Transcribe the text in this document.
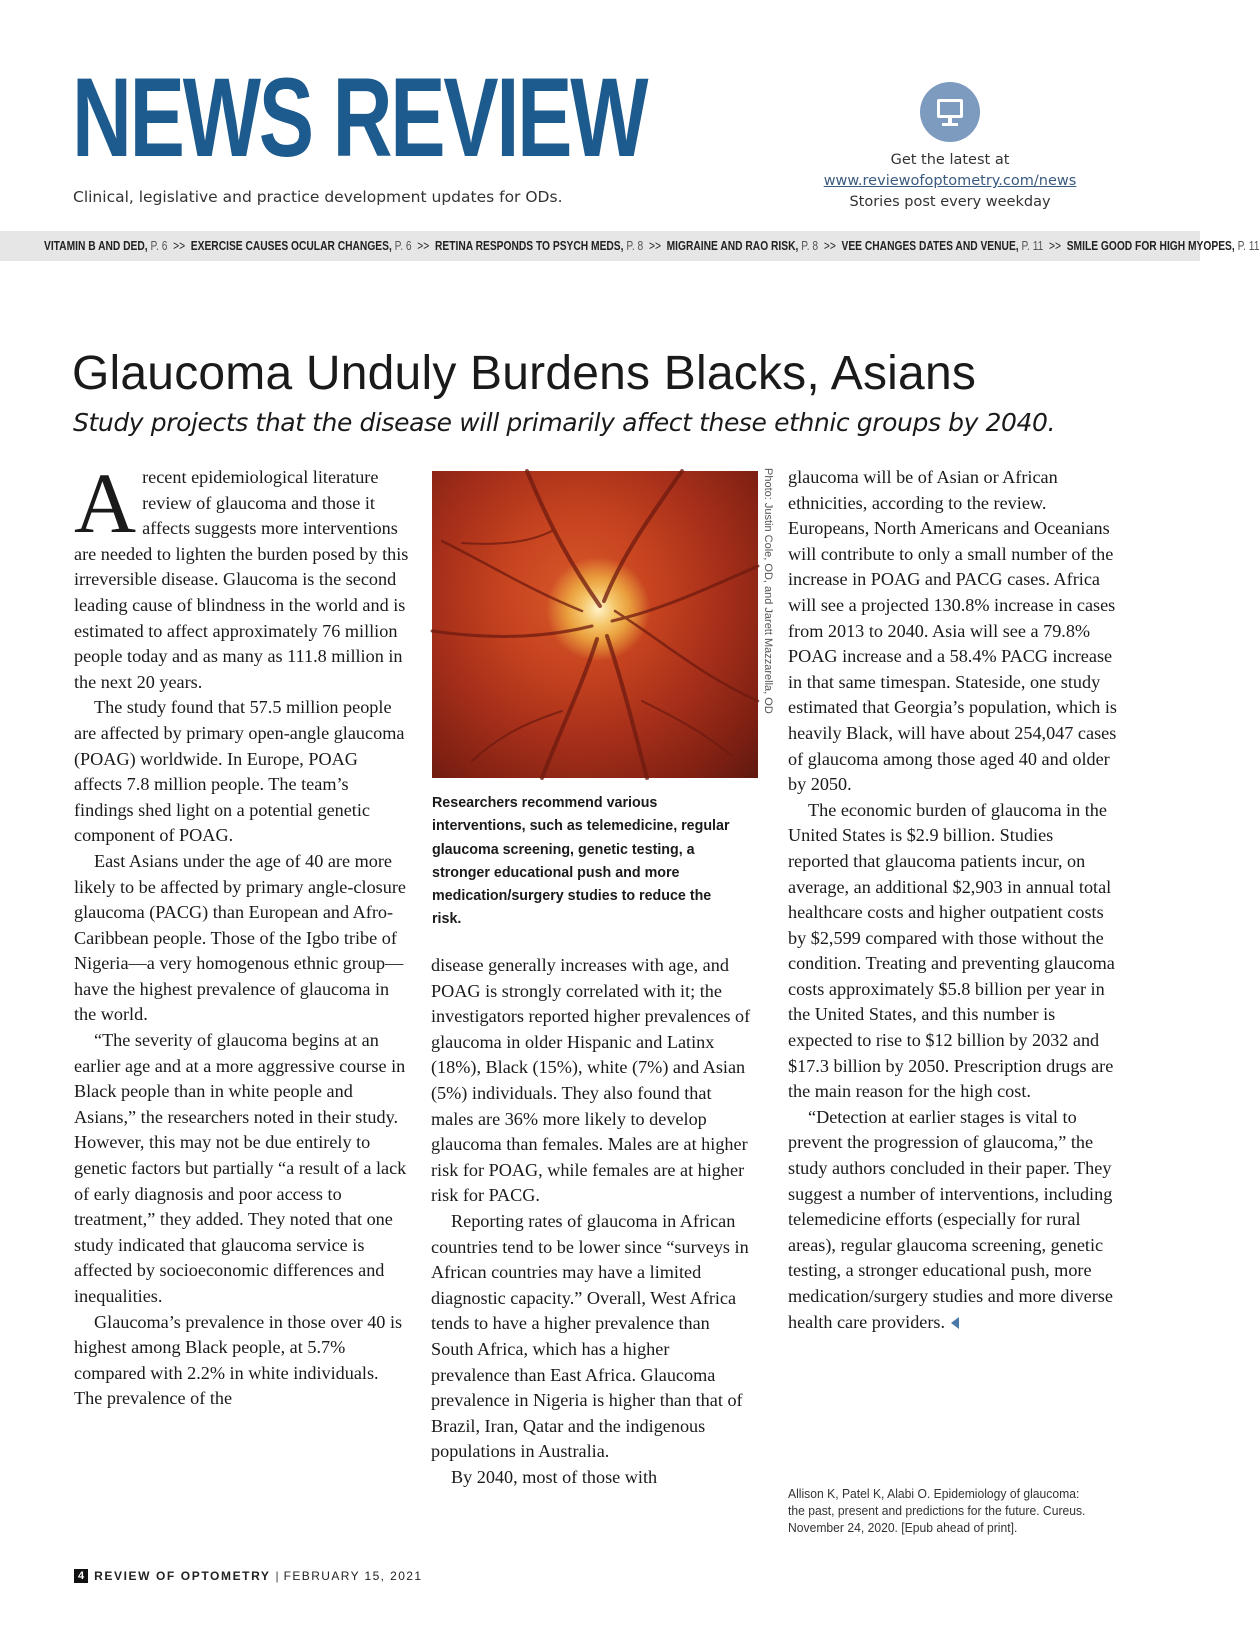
NEWS REVIEW
Clinical, legislative and practice development updates for ODs.
Get the latest at
www.reviewofoptometry.com/news
Stories post every weekday
VITAMIN B AND DED, P. 6  >>  EXERCISE CAUSES OCULAR CHANGES, P. 6  >>  RETINA RESPONDS TO PSYCH MEDS, P. 8  >>  MIGRAINE AND RAO RISK, P. 8  >>  VEE CHANGES DATES AND VENUE, P. 11  >>  SMILE GOOD FOR HIGH MYOPES, P. 11
Glaucoma Unduly Burdens Blacks, Asians
Study projects that the disease will primarily affect these ethnic groups by 2040.

Arecent epidemiological literature review of glaucoma and those it affects suggests more interventions are needed to lighten the burden posed by this irreversible disease. Glaucoma is the second leading cause of blindness in the world and is estimated to affect approximately 76 million people today and as many as 111.8 million in the next 20 years.

The study found that 57.5 million people are affected by primary open-angle glaucoma (POAG) worldwide. In Europe, POAG affects 7.8 million people. The team’s findings shed light on a potential genetic component of POAG.

East Asians under the age of 40 are more likely to be affected by primary angle-closure glaucoma (PACG) than European and Afro-Caribbean people. Those of the Igbo tribe of Nigeria—a very homogenous ethnic group—have the highest prevalence of glaucoma in the world.

“The severity of glaucoma begins at an earlier age and at a more aggressive course in Black people than in white people and Asians,” the researchers noted in their study. However, this may not be due entirely to genetic factors but partially “a result of a lack of early diagnosis and poor access to treatment,” they added. They noted that one study indicated that glaucoma service is affected by socioeconomic differences and inequalities.

Glaucoma’s prevalence in those over 40 is highest among Black people, at 5.7% compared with 2.2% in white individuals. The prevalence of the

Photo: Justin Cole, OD, and Jarett Mazzarella, OD
Researchers recommend various interventions, such as telemedicine, regular glaucoma screening, genetic testing, a stronger educational push and more medication/surgery studies to reduce the risk.

disease generally increases with age, and POAG is strongly correlated with it; the investigators reported higher prevalences of glaucoma in older Hispanic and Latinx (18%), Black (15%), white (7%) and Asian (5%) individuals. They also found that males are 36% more likely to develop glaucoma than females. Males are at higher risk for POAG, while females are at higher risk for PACG.

Reporting rates of glaucoma in African countries tend to be lower since “surveys in African countries may have a limited diagnostic capacity.” Overall, West Africa tends to have a higher prevalence than South Africa, which has a higher prevalence than East Africa. Glaucoma prevalence in Nigeria is higher than that of Brazil, Iran, Qatar and the indigenous populations in Australia.

By 2040, most of those with

glaucoma will be of Asian or African ethnicities, according to the review. Europeans, North Americans and Oceanians will contribute to only a small number of the increase in POAG and PACG cases. Africa will see a projected 130.8% increase in cases from 2013 to 2040. Asia will see a 79.8% POAG increase and a 58.4% PACG increase in that same timespan. Stateside, one study estimated that Georgia’s population, which is heavily Black, will have about 254,047 cases of glaucoma among those aged 40 and older by 2050.

The economic burden of glaucoma in the United States is $2.9 billion. Studies reported that glaucoma patients incur, on average, an additional $2,903 in annual total healthcare costs and higher outpatient costs by $2,599 compared with those without the condition. Treating and preventing glaucoma costs approximately $5.8 billion per year in the United States, and this number is expected to rise to $12 billion by 2032 and $17.3 billion by 2050. Prescription drugs are the main reason for the high cost.

“Detection at earlier stages is vital to prevent the progression of glaucoma,” the study authors concluded in their paper. They suggest a number of interventions, including telemedicine efforts (especially for rural areas), regular glaucoma screening, genetic testing, a stronger educational push, more medication/surgery studies and more diverse health care providers.

Allison K, Patel K, Alabi O. Epidemiology of glaucoma: the past, present and predictions for the future. Cureus. November 24, 2020. [Epub ahead of print].
4 REVIEW OF OPTOMETRY | FEBRUARY 15, 2021
